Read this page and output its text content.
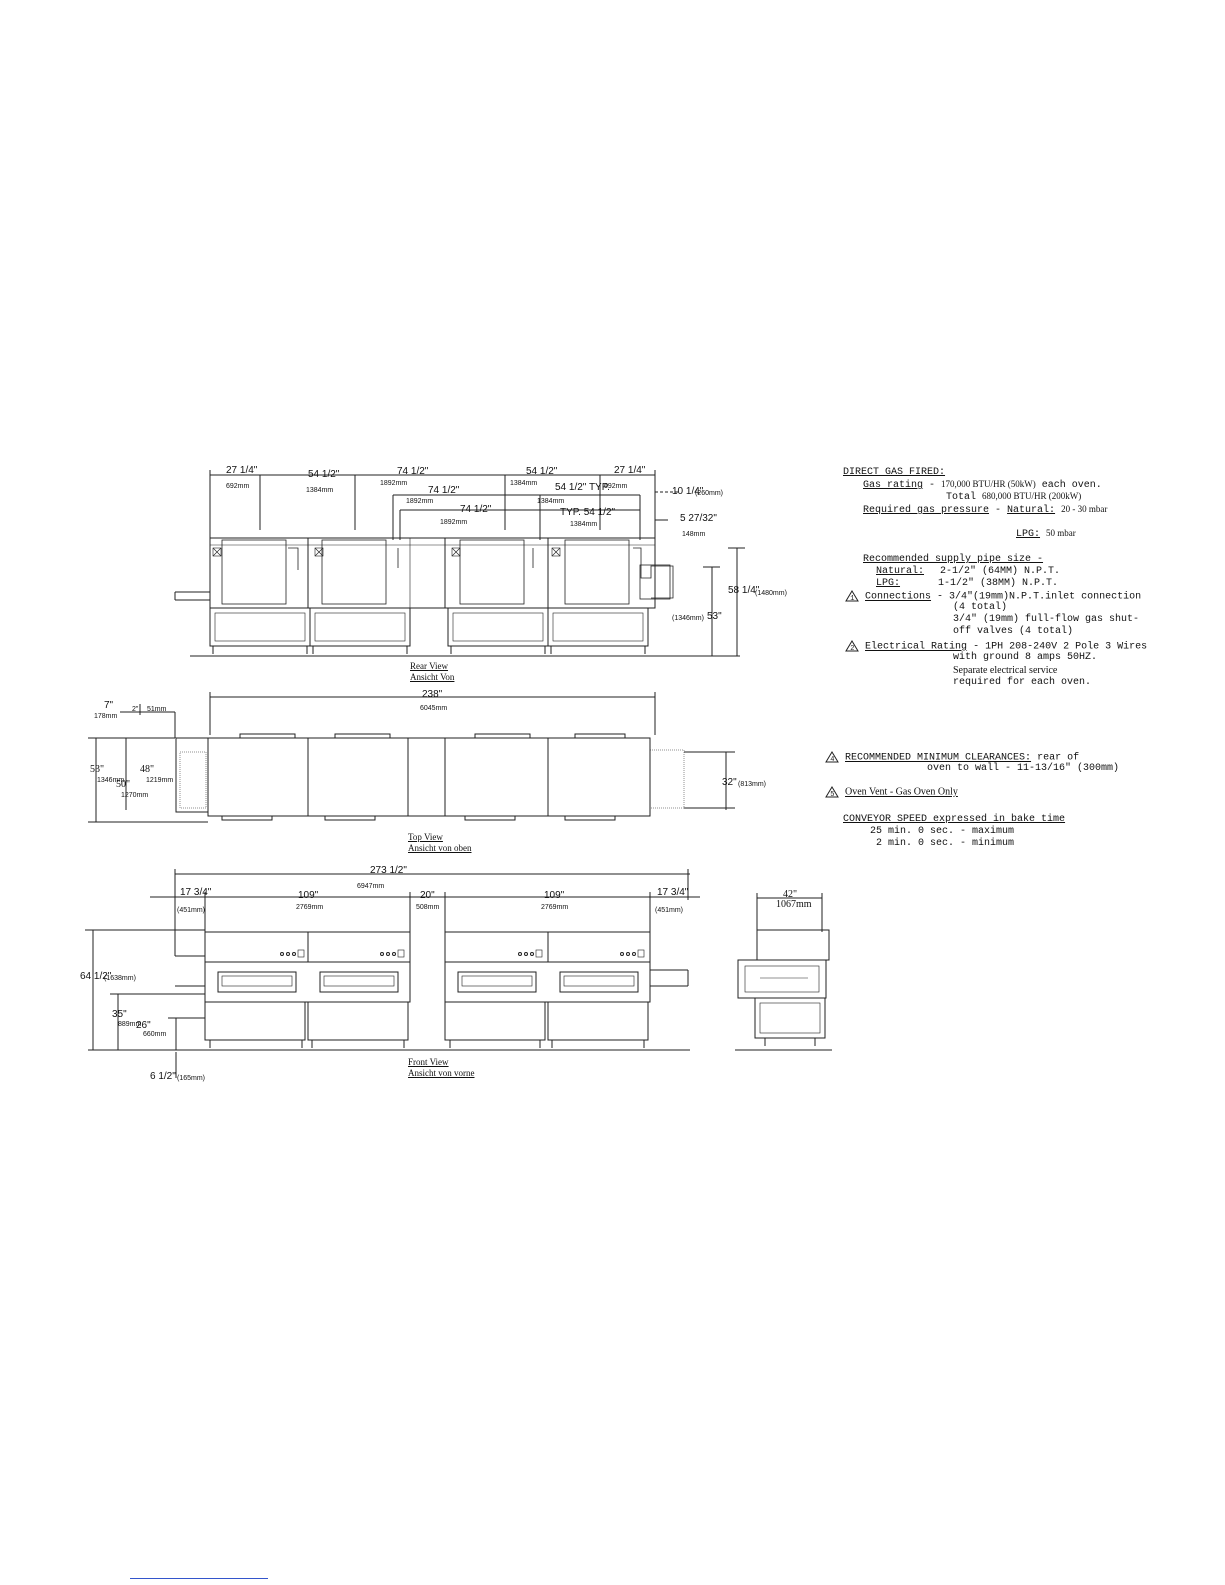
Rear View
Ansicht Von
Top View
Ansicht von oben
Front View
Ansicht von vorne
27 1/4"
692mm
54 1/2"
1384mm
74 1/2"
1892mm
54 1/2"
1384mm
27 1/4"
692mm
74 1/2"
1892mm
54 1/2" TYP.
1384mm
74 1/2"
1892mm
TYP. 54 1/2"
1384mm
10 1/4"
(260mm)
5 27/32"
148mm
58 1/4"
(1480mm)
53"
(1346mm)
7"
178mm
2" 51mm
238"
6045mm
53"
1346mm
48"
1219mm
50"
1270mm
32" (813mm)
273 1/2"
6947mm
17 3/4"
(451mm)
109"
2769mm
20"
508mm
109"
2769mm
17 3/4"
(451mm)
64 1/2"
(1638mm)
35"
889mm
26"
660mm
6 1/2" (165mm)
42"
1067mm
DIRECT GAS FIRED:
Gas rating - 170,000 BTU/HR (50kW) each oven.
Total 680,000 BTU/HR (200kW)
Required gas pressure - Natural: 20 - 30 mbar
LPG: 50 mbar
Recommended supply pipe size -
Natural: 2-1/2" (64MM) N.P.T.
LPG:	1-1/2" (38MM) N.P.T.
1 Connections - 3/4"(19mm)N.P.T.inlet connection
(4 total)
3/4" (19mm) full-flow gas shut-
off valves (4 total)
2 Electrical Rating - 1PH 208-240V 2 Pole 3 Wires
with ground 8 amps 50HZ.
Separate electrical service
required for each oven.
4 RECOMMENDED MINIMUM CLEARANCES: rear of
oven to wall - 11-13/16" (300mm)
5 Oven Vent - Gas Oven Only
CONVEYOR SPEED expressed in bake time
25 min. 0 sec. - maximum
2 min. 0 sec. - minimum
